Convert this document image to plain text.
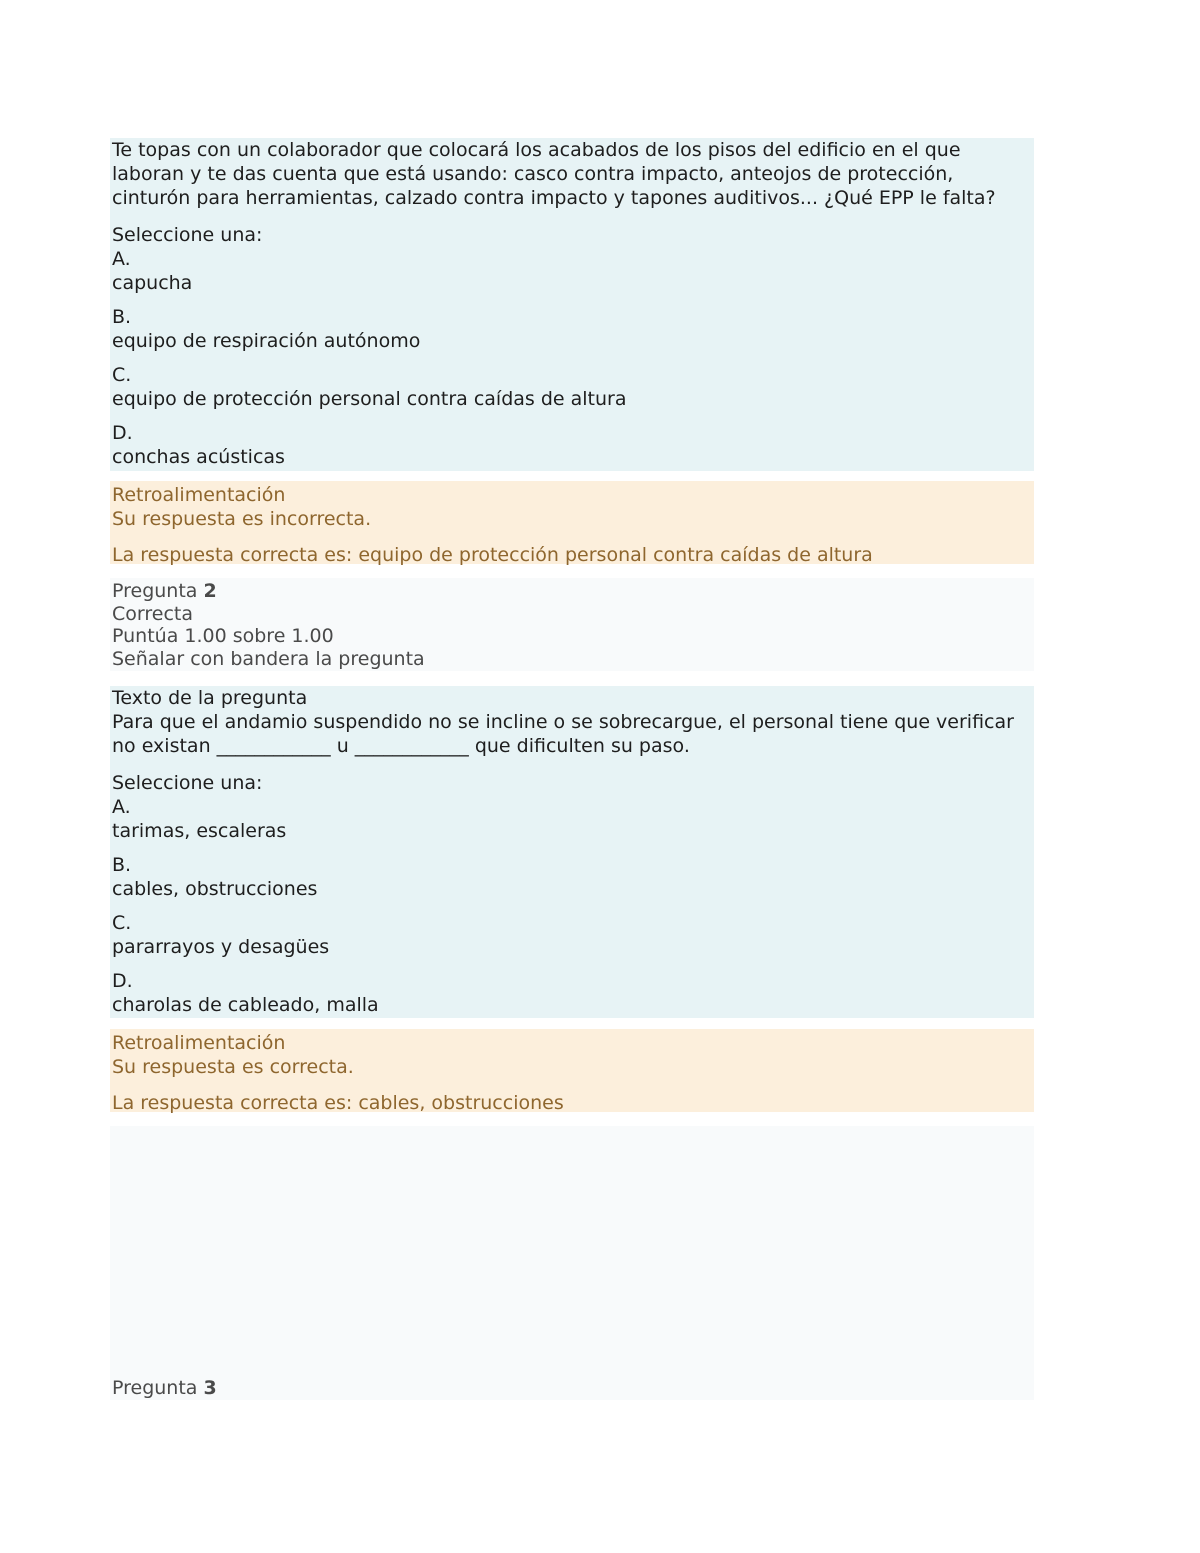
Te topas con un colaborador que colocará los acabados de los pisos del edificio en el que laboran y te das cuenta que está usando: casco contra impacto, anteojos de protección, cinturón para herramientas, calzado contra impacto y tapones auditivos... ¿Qué EPP le falta?
Seleccione una:
A.
capucha
B.
equipo de respiración autónomo
C.
equipo de protección personal contra caídas de altura
D.
conchas acústicas
Retroalimentación
Su respuesta es incorrecta.
La respuesta correcta es: equipo de protección personal contra caídas de altura
Pregunta 2
Correcta
Puntúa 1.00 sobre 1.00
Señalar con bandera la pregunta
Texto de la pregunta
Para que el andamio suspendido no se incline o se sobrecargue, el personal tiene que verificar no existan ____________ u ____________ que dificulten su paso.
Seleccione una:
A.
tarimas, escaleras
B.
cables, obstrucciones
C.
pararrayos y desagües
D.
charolas de cableado, malla
Retroalimentación
Su respuesta es correcta.
La respuesta correcta es: cables, obstrucciones
Pregunta 3
